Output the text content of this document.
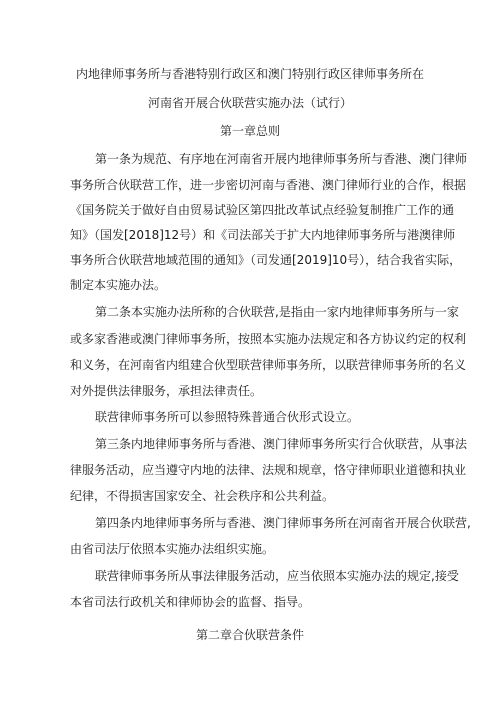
内地律师事务所与香港特别行政区和澳门特别行政区律师事务所在
河南省开展合伙联营实施办法（试行）
第一章总则
第一条为规范、有序地在河南省开展内地律师事务所与香港、澳门律师
事务所合伙联营工作，进一步密切河南与香港、澳门律师行业的合作，根据
《国务院关于做好自由贸易试验区第四批改革试点经验复制推广工作的通
知》（国发[2018]12号）和《司法部关于扩大内地律师事务所与港澳律师
事务所合伙联营地域范围的通知》（司发通[2019]10号），结合我省实际，
制定本实施办法。
第二条本实施办法所称的合伙联营,是指由一家内地律师事务所与一家
或多家香港或澳门律师事务所，按照本实施办法规定和各方协议约定的权利
和义务，在河南省内组建合伙型联营律师事务所，以联营律师事务所的名义
对外提供法律服务，承担法律责任。
联营律师事务所可以参照特殊普通合伙形式设立。
第三条内地律师事务所与香港、澳门律师事务所实行合伙联营，从事法
律服务活动，应当遵守内地的法律、法规和规章，恪守律师职业道德和执业
纪律，不得损害国家安全、社会秩序和公共利益。
第四条内地律师事务所与香港、澳门律师事务所在河南省开展合伙联营,
由省司法厅依照本实施办法组织实施。
联营律师事务所从事法律服务活动，应当依照本实施办法的规定,接受
本省司法行政机关和律师协会的监督、指导。
第二章合伙联营条件
